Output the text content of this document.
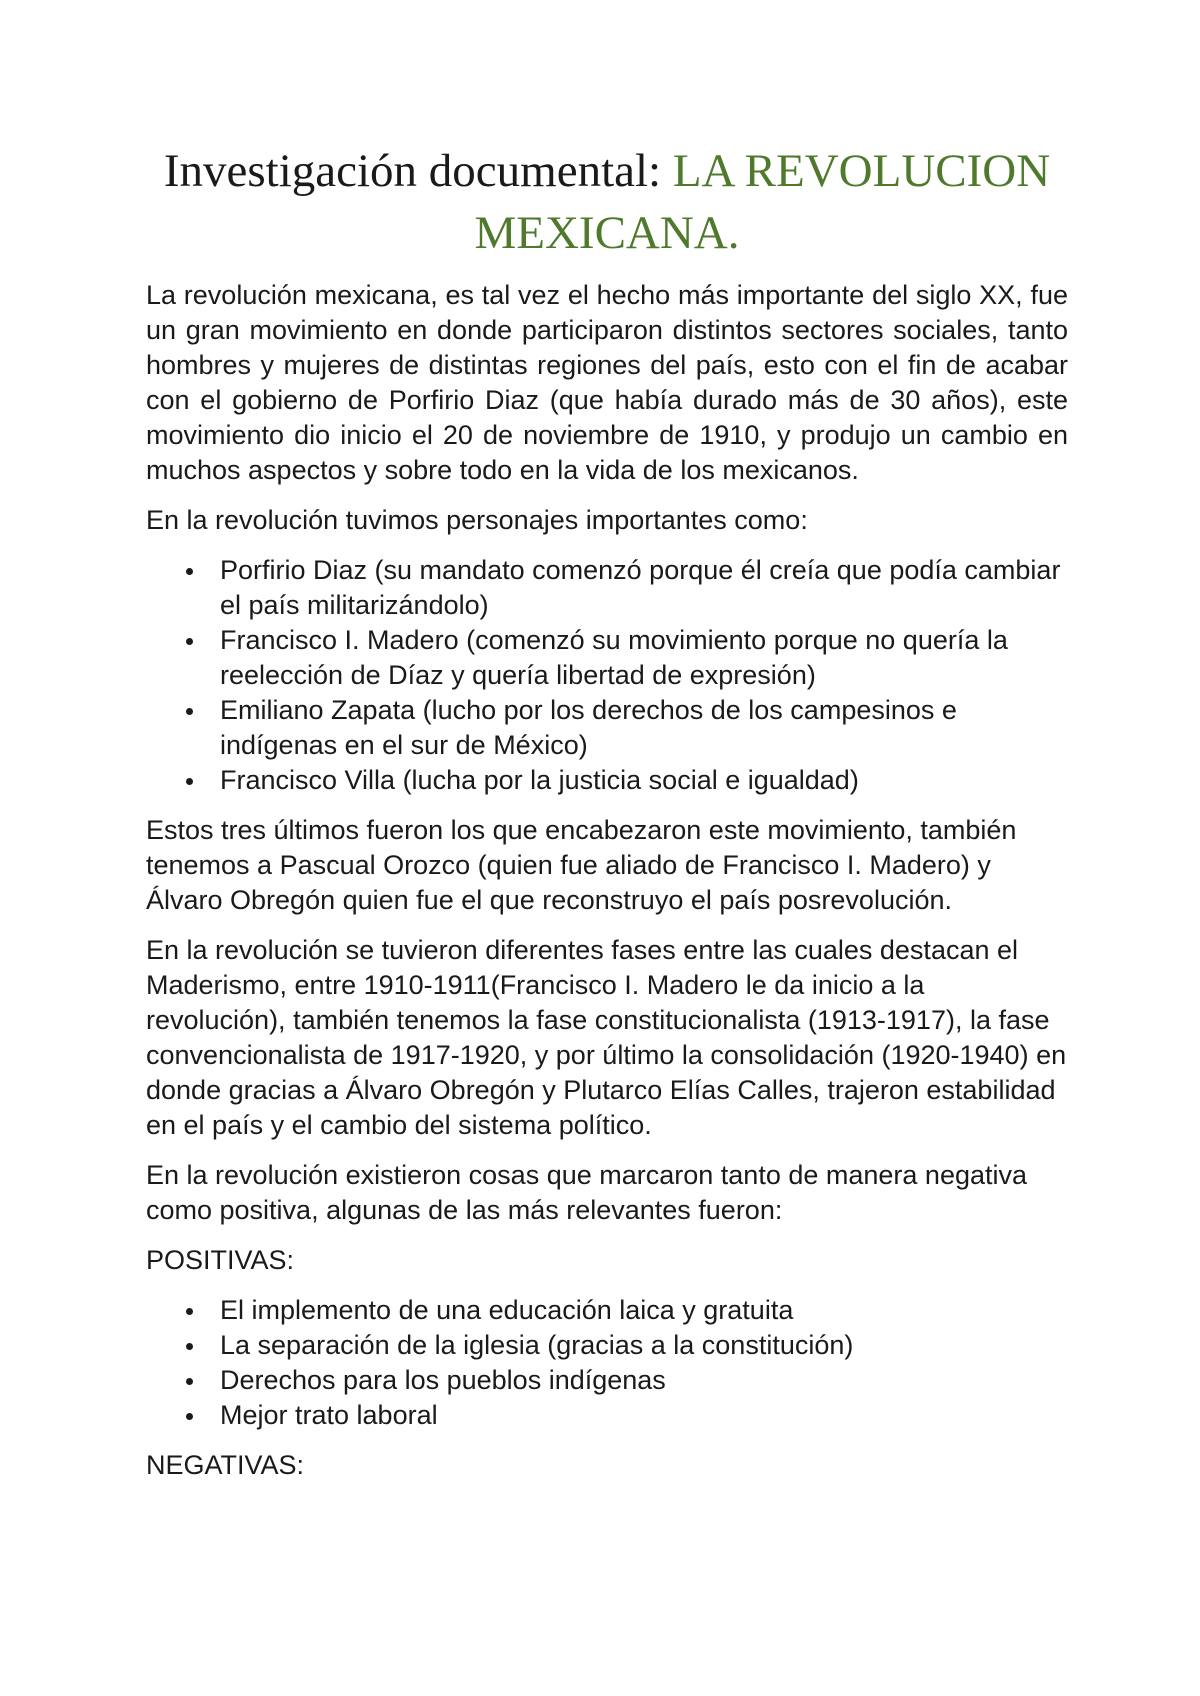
Investigación documental: LA REVOLUCION MEXICANA.

La revolución mexicana, es tal vez el hecho más importante del siglo XX, fue un gran movimiento en donde participaron distintos sectores sociales, tanto hombres y mujeres de distintas regiones del país, esto con el fin de acabar con el gobierno de Porfirio Diaz (que había durado más de 30 años), este movimiento dio inicio el 20 de noviembre de 1910, y produjo un cambio en muchos aspectos y sobre todo en la vida de los mexicanos.

En la revolución tuvimos personajes importantes como:

Porfirio Diaz (su mandato comenzó porque él creía que podía cambiar el país militarizándolo)
Francisco I. Madero (comenzó su movimiento porque no quería la reelección de Díaz y quería libertad de expresión)
Emiliano Zapata (lucho por los derechos de los campesinos e indígenas en el sur de México)
Francisco Villa (lucha por la justicia social e igualdad)

Estos tres últimos fueron los que encabezaron este movimiento, también tenemos a Pascual Orozco (quien fue aliado de Francisco I. Madero) y Álvaro Obregón quien fue el que reconstruyo el país posrevolución.

En la revolución se tuvieron diferentes fases entre las cuales destacan el Maderismo, entre 1910-1911(Francisco I. Madero le da inicio a la revolución), también tenemos la fase constitucionalista (1913-1917), la fase convencionalista de 1917-1920, y por último la consolidación (1920-1940) en donde gracias a Álvaro Obregón y Plutarco Elías Calles, trajeron estabilidad en el país y el cambio del sistema político.

En la revolución existieron cosas que marcaron tanto de manera negativa como positiva, algunas de las más relevantes fueron:

POSITIVAS:

El implemento de una educación laica y gratuita
La separación de la iglesia (gracias a la constitución)
Derechos para los pueblos indígenas
Mejor trato laboral

NEGATIVAS:
